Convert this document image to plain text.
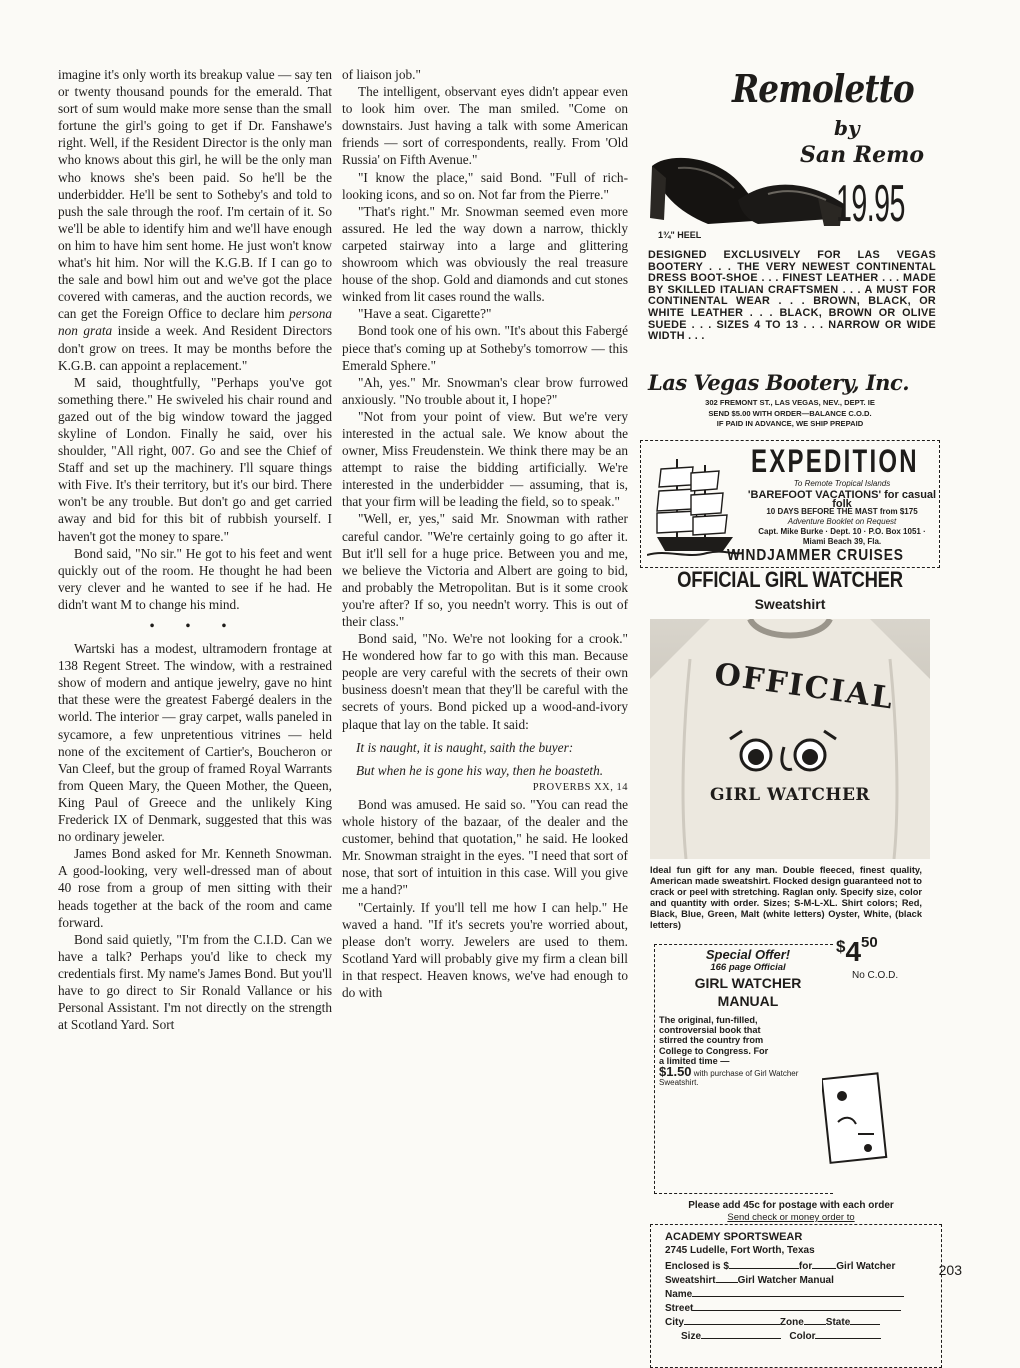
imagine it's only worth its breakup value — say ten or twenty thousand pounds for the emerald. That sort of sum would make more sense than the small fortune the girl's going to get if Dr. Fanshawe's right. Well, if the Resident Director is the only man who knows about this girl, he will be the only man who knows she's been paid. So he'll be the underbidder. He'll be sent to Sotheby's and told to push the sale through the roof. I'm certain of it. So we'll be able to identify him and we'll have enough on him to have him sent home. He just won't know what's hit him. Nor will the K.G.B. If I can go to the sale and bowl him out and we've got the place covered with cameras, and the auction records, we can get the Foreign Office to declare him persona non grata inside a week. And Resident Directors don't grow on trees. It may be months before the K.G.B. can appoint a replacement."

M said, thoughtfully, "Perhaps you've got something there." He swiveled his chair round and gazed out of the big window toward the jagged skyline of London. Finally he said, over his shoulder, "All right, 007. Go and see the Chief of Staff and set up the machinery. I'll square things with Five. It's their territory, but it's our bird. There won't be any trouble. But don't go and get carried away and bid for this bit of rubbish yourself. I haven't got the money to spare."

Bond said, "No sir." He got to his feet and went quickly out of the room. He thought he had been very clever and he wanted to see if he had. He didn't want M to change his mind.

• • •

Wartski has a modest, ultramodern frontage at 138 Regent Street. The window, with a restrained show of modern and antique jewelry, gave no hint that these were the greatest Fabergé dealers in the world. The interior — gray carpet, walls paneled in sycamore, a few unpretentious vitrines — held none of the excitement of Cartier's, Boucheron or Van Cleef, but the group of framed Royal Warrants from Queen Mary, the Queen Mother, the Queen, King Paul of Greece and the unlikely King Frederick IX of Denmark, suggested that this was no ordinary jeweler.

James Bond asked for Mr. Kenneth Snowman. A good-looking, very well-dressed man of about 40 rose from a group of men sitting with their heads together at the back of the room and came forward.

Bond said quietly, "I'm from the C.I.D. Can we have a talk? Perhaps you'd like to check my credentials first. My name's James Bond. But you'll have to go direct to Sir Ronald Vallance or his Personal Assistant. I'm not directly on the strength at Scotland Yard. Sort

of liaison job."

The intelligent, observant eyes didn't appear even to look him over. The man smiled. "Come on downstairs. Just having a talk with some American friends — sort of correspondents, really. From 'Old Russia' on Fifth Avenue."

"I know the place," said Bond. "Full of rich-looking icons, and so on. Not far from the Pierre."

"That's right." Mr. Snowman seemed even more assured. He led the way down a narrow, thickly carpeted stairway into a large and glittering showroom which was obviously the real treasure house of the shop. Gold and diamonds and cut stones winked from lit cases round the walls.

"Have a seat. Cigarette?"

Bond took one of his own. "It's about this Fabergé piece that's coming up at Sotheby's tomorrow — this Emerald Sphere."

"Ah, yes." Mr. Snowman's clear brow furrowed anxiously. "No trouble about it, I hope?"

"Not from your point of view. But we're very interested in the actual sale. We know about the owner, Miss Freudenstein. We think there may be an attempt to raise the bidding artificially. We're interested in the underbidder — assuming, that is, that your firm will be leading the field, so to speak."

"Well, er, yes," said Mr. Snowman with rather careful candor. "We're certainly going to go after it. But it'll sell for a huge price. Between you and me, we believe the Victoria and Albert are going to bid, and probably the Metropolitan. But is it some crook you're after? If so, you needn't worry. This is out of their class."

Bond said, "No. We're not looking for a crook." He wondered how far to go with this man. Because people are very careful with the secrets of their own business doesn't mean that they'll be careful with the secrets of yours. Bond picked up a wood-and-ivory plaque that lay on the table. It said:

It is naught, it is naught, saith the buyer:
But when he is gone his way, then he boasteth.

PROVERBS XX, 14

Bond was amused. He said so. "You can read the whole history of the bazaar, of the dealer and the customer, behind that quotation," he said. He looked Mr. Snowman straight in the eyes. "I need that sort of nose, that sort of intuition in this case. Will you give me a hand?"

"Certainly. If you'll tell me how I can help." He waved a hand. "If it's secrets you're worried about, please don't worry. Jewelers are used to them. Scotland Yard will probably give my firm a clean bill in that respect. Heaven knows, we've had enough to do with

203
Remoletto
by
San Remo
19.95
1¾" HEEL
DESIGNED EXCLUSIVELY FOR LAS VEGAS BOOTERY . . . THE VERY NEWEST CONTINENTAL DRESS BOOT-SHOE . . . FINEST LEATHER . . . MADE BY SKILLED ITALIAN CRAFTSMEN . . . A MUST FOR CONTINENTAL WEAR . . . BROWN, BLACK, OR WHITE LEATHER . . . BLACK, BROWN OR OLIVE SUEDE . . . SIZES 4 TO 13 . . . NARROW OR WIDE WIDTH . . .
Las Vegas Bootery, Inc.
302 FREMONT ST., LAS VEGAS, NEV., DEPT. IE
SEND $5.00 WITH ORDER—BALANCE C.O.D.
IF PAID IN ADVANCE, WE SHIP PREPAID
EXPEDITION
To Remote Tropical Islands
'BAREFOOT VACATIONS' for casual folk
10 DAYS BEFORE THE MAST from $175
Adventure Booklet on Request
Capt. Mike Burke · Dept. 10 · P.O. Box 1051 ·
Miami Beach 39, Fla.
WINDJAMMER CRUISES
OFFICIAL GIRL WATCHER
Sweatshirt
OFFICIAL
GIRL WATCHER
Ideal fun gift for any man. Double fleeced, finest quality, American made sweatshirt. Flocked design guaranteed not to crack or peel with stretching. Raglan only. Specify size, color and quantity with order. Sizes; S-M-L-XL. Shirt colors; Red, Black, Blue, Green, Malt (white letters) Oyster, White, (black letters)
$^{\$}4^{50}$
No C.O.D.
Special Offer!
166 page Official
GIRL WATCHER
MANUAL
The original, fun-filled, controversial book that stirred the country from College to Congress. For a limited time —
$1.50 with purchase of Girl Watcher Sweatshirt.
Please add 45c for postage with each order
Send check or money order to
ACADEMY SPORTSWEAR
2745 Ludelle, Fort Worth, Texas
Enclosed is $	for Girl Watcher
Sweatshirt Girl Watcher Manual
Name
Street
City	Zone State
Size	Color
